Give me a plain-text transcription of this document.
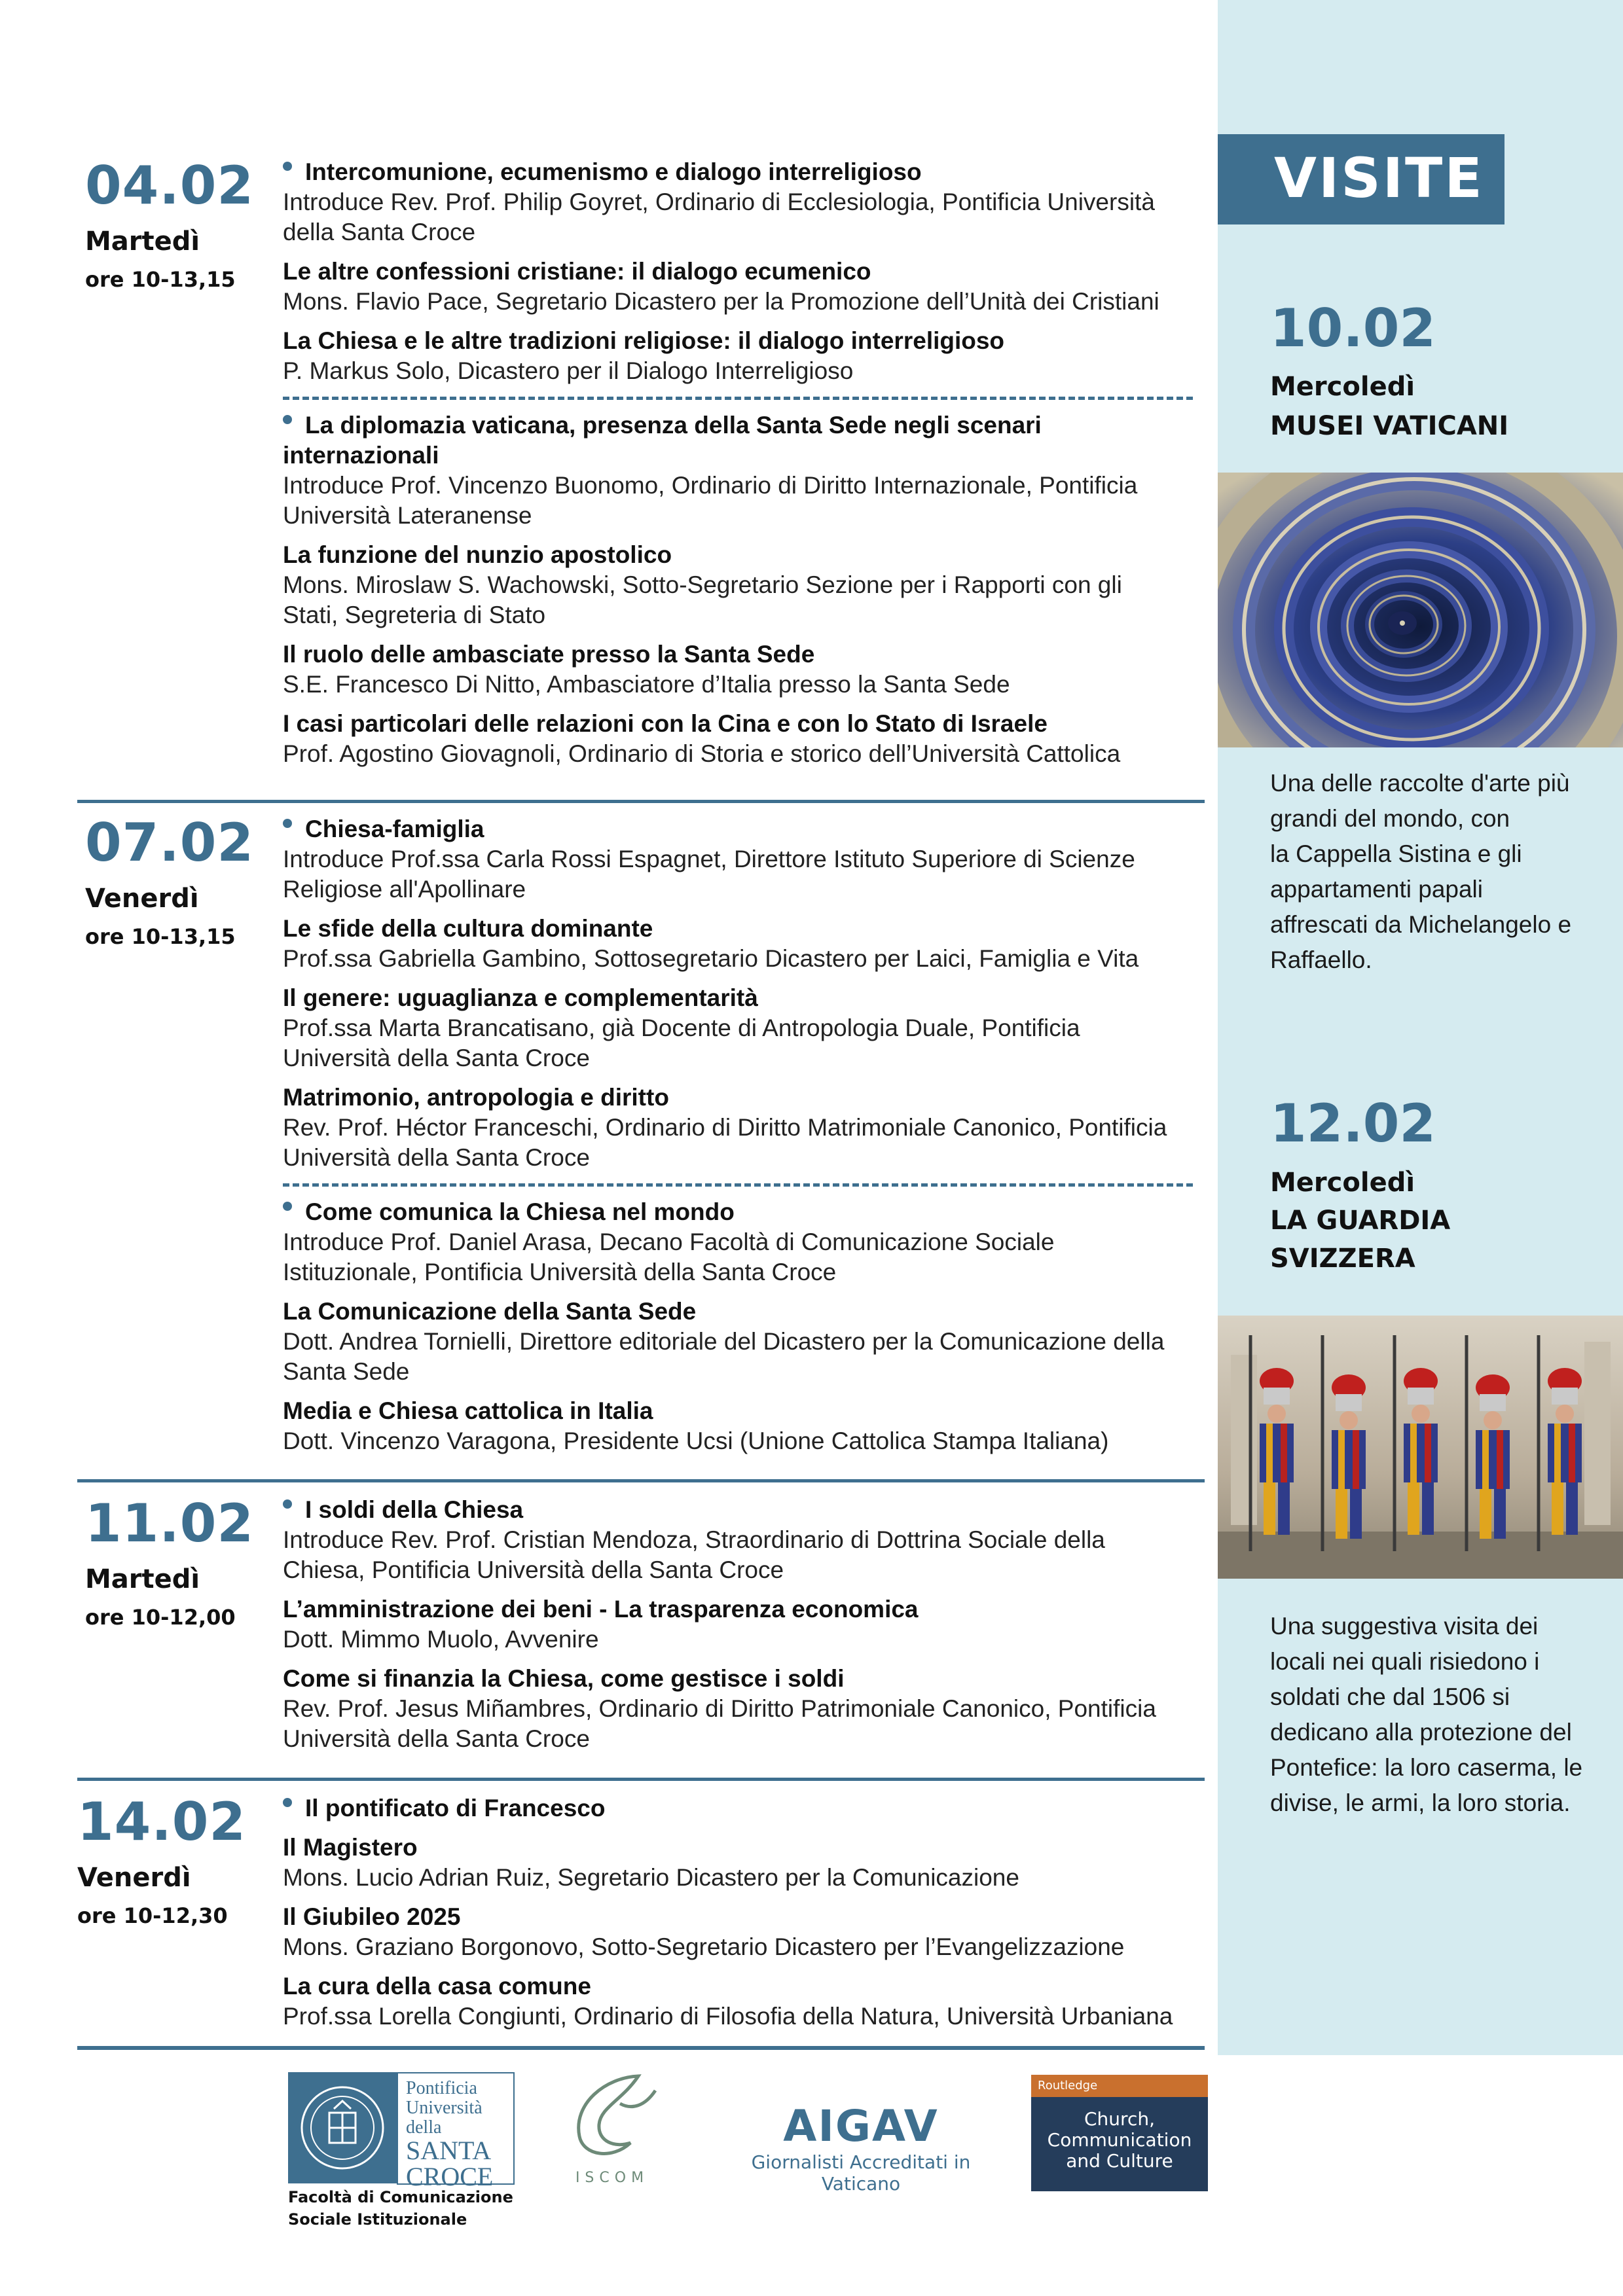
04.02
Martedì
ore 10-13,15
Intercomunione, ecumenismo e dialogo interreligioso
Introduce Rev. Prof. Philip Goyret, Ordinario di Ecclesiologia, Pontificia Università
della Santa Croce
Le altre confessioni cristiane: il dialogo ecumenico
Mons. Flavio Pace, Segretario Dicastero per la Promozione dell’Unità dei Cristiani
La Chiesa e le altre tradizioni religiose: il dialogo interreligioso
P. Markus Solo, Dicastero per il Dialogo Interreligioso
La diplomazia vaticana, presenza della Santa Sede negli scenari
internazionali
Introduce Prof. Vincenzo Buonomo, Ordinario di Diritto Internazionale, Pontificia
Università Lateranense
La funzione del nunzio apostolico
Mons. Miroslaw S. Wachowski, Sotto-Segretario Sezione per i Rapporti con gli
Stati, Segreteria di Stato
Il ruolo delle ambasciate presso la Santa Sede
S.E. Francesco Di Nitto, Ambasciatore d’Italia presso la Santa Sede
I casi particolari delle relazioni con la Cina e con lo Stato di Israele
Prof. Agostino Giovagnoli, Ordinario di Storia e storico dell’Università Cattolica
07.02
Venerdì
ore 10-13,15
Chiesa-famiglia
Introduce Prof.ssa Carla Rossi Espagnet, Direttore Istituto Superiore di Scienze
Religiose all'Apollinare
Le sfide della cultura dominante
Prof.ssa Gabriella Gambino, Sottosegretario Dicastero per Laici, Famiglia e Vita
Il genere: uguaglianza e complementarità
Prof.ssa Marta Brancatisano, già Docente di Antropologia Duale, Pontificia
Università della Santa Croce
Matrimonio, antropologia e diritto
Rev. Prof. Héctor Franceschi, Ordinario di Diritto Matrimoniale Canonico, Pontificia
Università della Santa Croce
Come comunica la Chiesa nel mondo
Introduce Prof. Daniel Arasa, Decano Facoltà di Comunicazione Sociale
Istituzionale, Pontificia Università della Santa Croce
La Comunicazione della Santa Sede
Dott. Andrea Tornielli, Direttore editoriale del Dicastero per la Comunicazione della
Santa Sede
Media e Chiesa cattolica in Italia
Dott. Vincenzo Varagona, Presidente Ucsi (Unione Cattolica Stampa Italiana)
11.02
Martedì
ore 10-12,00
I soldi della Chiesa
Introduce Rev. Prof. Cristian Mendoza, Straordinario di Dottrina Sociale della
Chiesa, Pontificia Università della Santa Croce
L’amministrazione dei beni - La trasparenza economica
Dott. Mimmo Muolo, Avvenire
Come si finanzia la Chiesa, come gestisce i soldi
Rev. Prof. Jesus Miñambres, Ordinario di Diritto Patrimoniale Canonico, Pontificia
Università della Santa Croce
14.02
Venerdì
ore 10-12,30
Il pontificato di Francesco
Il Magistero
Mons. Lucio Adrian Ruiz, Segretario Dicastero per la Comunicazione
Il Giubileo 2025
Mons. Graziano Borgonovo, Sotto-Segretario Dicastero per l’Evangelizzazione
La cura della casa comune
Prof.ssa Lorella Congiunti, Ordinario di Filosofia della Natura, Università Urbaniana
VISITE
10.02
Mercoledì
MUSEI VATICANI
Una delle raccolte d'arte più
grandi del mondo, con
la Cappella Sistina e gli
appartamenti papali
affrescati da Michelangelo e
Raffaello.
12.02
Mercoledì
LA GUARDIA
SVIZZERA
Una suggestiva visita dei
locali nei quali risiedono i
soldati che dal 1506 si
dedicano alla protezione del
Pontefice: la loro caserma, le
divise, le armi, la loro storia.
Pontificia
Università
della
SANTA
CROCE
Facoltà di Comunicazione
Sociale Istituzionale
ISCOM
AIGAV
Giornalisti Accreditati in Vaticano
Routledge
Church,
Communication
and Culture
